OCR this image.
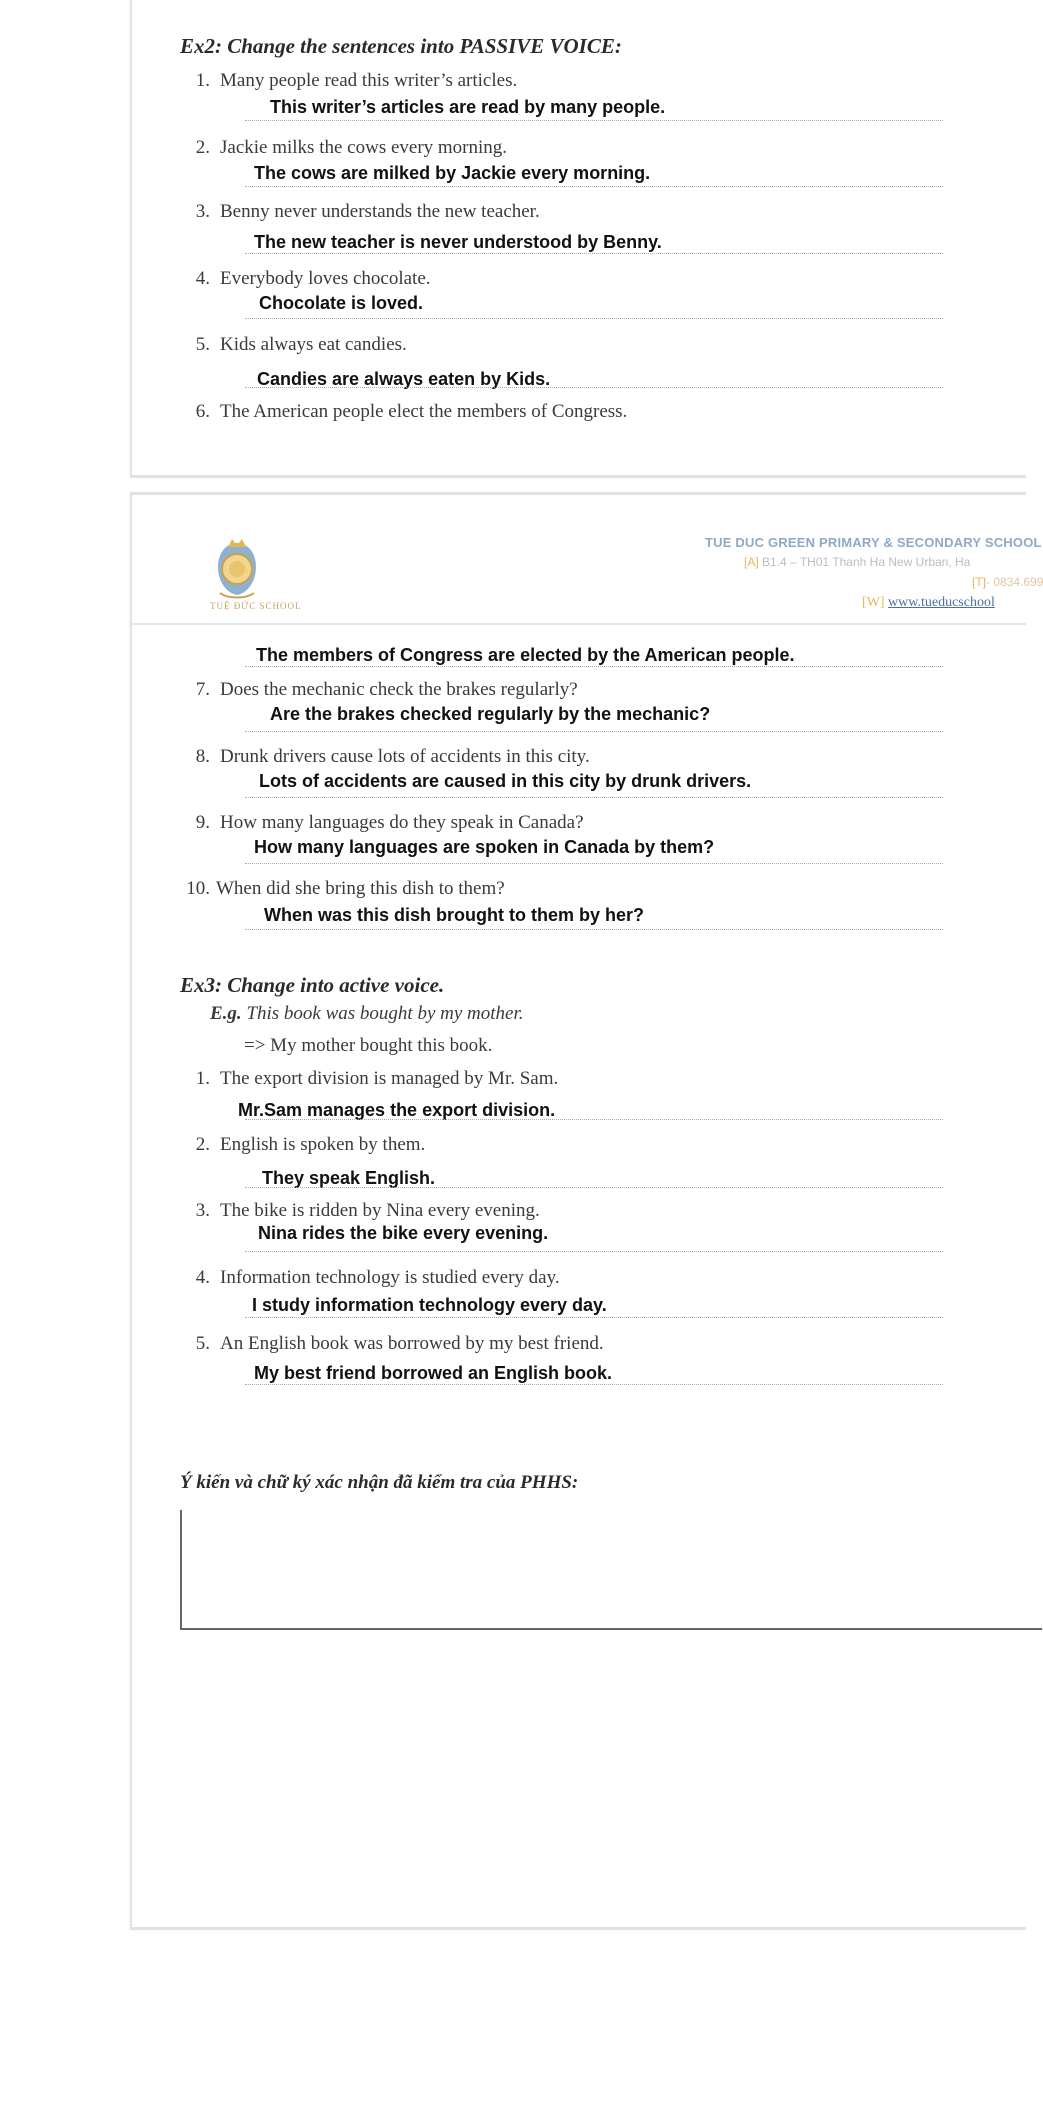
Ex2: Change the sentences into PASSIVE VOICE:
1. Many people read this writer’s articles.
This writer’s articles are read by many people.
2. Jackie milks the cows every morning.
The cows are milked by Jackie every morning.
3. Benny never understands the new teacher.
The new teacher is never understood by Benny.
4. Everybody loves chocolate.
Chocolate is loved.
5. Kids always eat candies.
Candies are always eaten by Kids.
6. The American people elect the members of Congress.
TUỆ ĐỨC SCHOOL
TUE DUC GREEN PRIMARY & SECONDARY SCHOOL
[A] B1.4 – TH01 Thanh Ha New Urban, Ha
[T]- 0834.699
[W] www.tueducschool
The members of Congress are elected by the American people.
7. Does the mechanic check the brakes regularly?
Are the brakes checked regularly by the mechanic?
8. Drunk drivers cause lots of accidents in this city.
Lots of accidents are caused in this city by drunk drivers.
9. How many languages do they speak in Canada?
How many languages are spoken in Canada by them?
10. When did she bring this dish to them?
When was this dish brought to them by her?
Ex3: Change into active voice.
E.g. This book was bought by my mother.
=> My mother bought this book.
1. The export division is managed by Mr. Sam.
Mr.Sam manages the export division.
2. English is spoken by them.
They speak English.
3. The bike is ridden by Nina every evening.
Nina rides the bike every evening.
4. Information technology is studied every day.
I study information technology every day.
5. An English book was borrowed by my best friend.
My best friend borrowed an English book.
Ý kiến và chữ ký xác nhận đã kiểm tra của PHHS:
